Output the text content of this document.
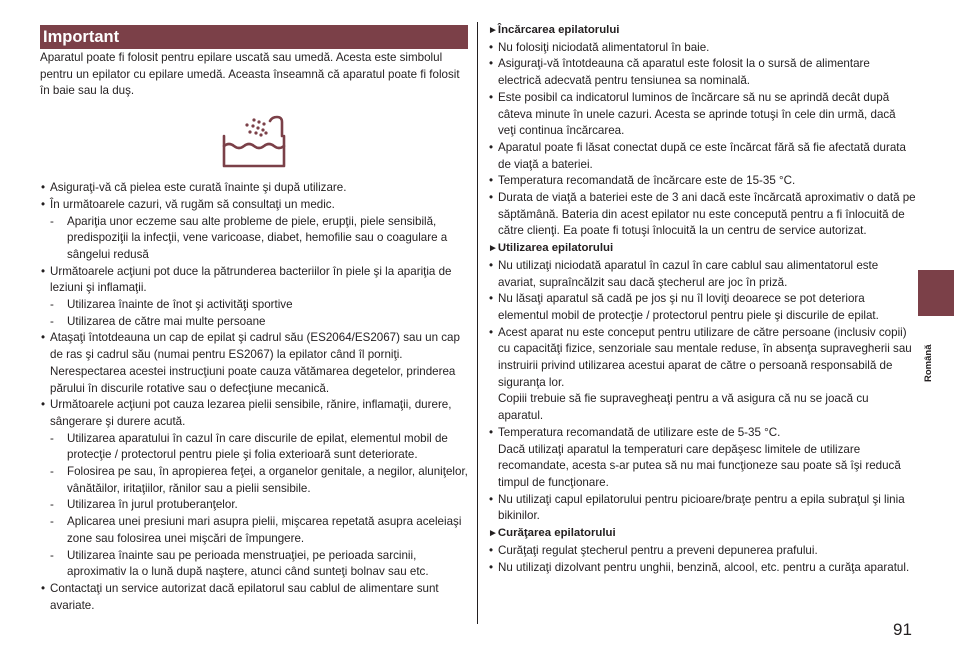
Important

Aparatul poate fi folosit pentru epilare uscată sau umedă. Acesta este simbolul pentru un epilator cu epilare umedă. Aceasta înseamnă că aparatul poate fi folosit în baie sau la duş.

• Asiguraţi-vă că pielea este curată înainte şi după utilizare.
• În următoarele cazuri, vă rugăm să consultaţi un medic.
- Apariţia unor eczeme sau alte probleme de piele, erupţii, piele sensibilă, predispoziţii la infecţii, vene varicoase, diabet, hemofilie sau o coagulare a sângelui redusă
• Următoarele acţiuni pot duce la pătrunderea bacteriilor în piele şi la apariţia de leziuni şi inflamaţii.
- Utilizarea înainte de înot şi activităţi sportive
- Utilizarea de către mai multe persoane
• Ataşaţi întotdeauna un cap de epilat şi cadrul său (ES2064/ES2067) sau un cap de ras şi cadrul său (numai pentru ES2067) la epilator când îl porniţi. Nerespectarea acestei instrucţiuni poate cauza vătămarea degetelor, prinderea părului în discurile rotative sau o defecţiune mecanică.
• Următoarele acţiuni pot cauza lezarea pielii sensibile, rănire, inflamaţii, durere, sângerare şi durere acută.
- Utilizarea aparatului în cazul în care discurile de epilat, elementul mobil de protecţie / protectorul pentru piele şi folia exterioară sunt deteriorate.
- Folosirea pe sau, în apropierea feţei, a organelor genitale, a negilor, aluniţelor, vânătăilor, iritaţiilor, rănilor sau a pielii sensibile.
- Utilizarea în jurul protuberanţelor.
- Aplicarea unei presiuni mari asupra pielii, mişcarea repetată asupra aceleiaşi zone sau folosirea unei mişcări de împungere.
- Utilizarea înainte sau pe perioada menstruaţiei, pe perioada sarcinii, aproximativ la o lună după naştere, atunci când sunteţi bolnav sau etc.
• Contactaţi un service autorizat dacă epilatorul sau cablul de alimentare sunt avariate.
►Încărcarea epilatorului
• Nu folosiţi niciodată alimentatorul în baie.
• Asiguraţi-vă întotdeauna că aparatul este folosit la o sursă de alimentare electrică adecvată pentru tensiunea sa nominală.
• Este posibil ca indicatorul luminos de încărcare să nu se aprindă decât după câteva minute în unele cazuri. Acesta se aprinde totuşi în cele din urmă, dacă veţi continua încărcarea.
• Aparatul poate fi lăsat conectat după ce este încărcat fără să fie afectată durata de viaţă a bateriei.
• Temperatura recomandată de încărcare este de 15-35 °C.
• Durata de viaţă a bateriei este de 3 ani dacă este încărcată aproximativ o dată pe săptămână. Bateria din acest epilator nu este concepută pentru a fi înlocuită de către clienţi. Ea poate fi totuşi înlocuită la un centru de service autorizat.
►Utilizarea epilatorului
• Nu utilizaţi niciodată aparatul în cazul în care cablul sau alimentatorul este avariat, supraîncălzit sau dacă ştecherul are joc în priză.
• Nu lăsaţi aparatul să cadă pe jos şi nu îl loviţi deoarece se pot deteriora elementul mobil de protecţie / protectorul pentru piele şi discurile de epilat.
• Acest aparat nu este conceput pentru utilizare de către persoane (inclusiv copii) cu capacităţi fizice, senzoriale sau mentale reduse, în absenţa supravegherii sau instruirii privind utilizarea acestui aparat de către o persoană responsabilă de siguranţa lor.
Copiii trebuie să fie supravegheaţi pentru a vă asigura că nu se joacă cu aparatul.
• Temperatura recomandată de utilizare este de 5-35 °C.
Dacă utilizaţi aparatul la temperaturi care depăşesc limitele de utilizare recomandate, acesta s-ar putea să nu mai funcţioneze sau poate să îşi reducă timpul de funcţionare.
• Nu utilizaţi capul epilatorului pentru picioare/braţe pentru a epila subraţul şi linia bikinilor.
►Curăţarea epilatorului
• Curăţaţi regulat ştecherul pentru a preveni depunerea prafului.
• Nu utilizaţi dizolvant pentru unghii, benzină, alcool, etc. pentru a curăţa aparatul.
Română
91
